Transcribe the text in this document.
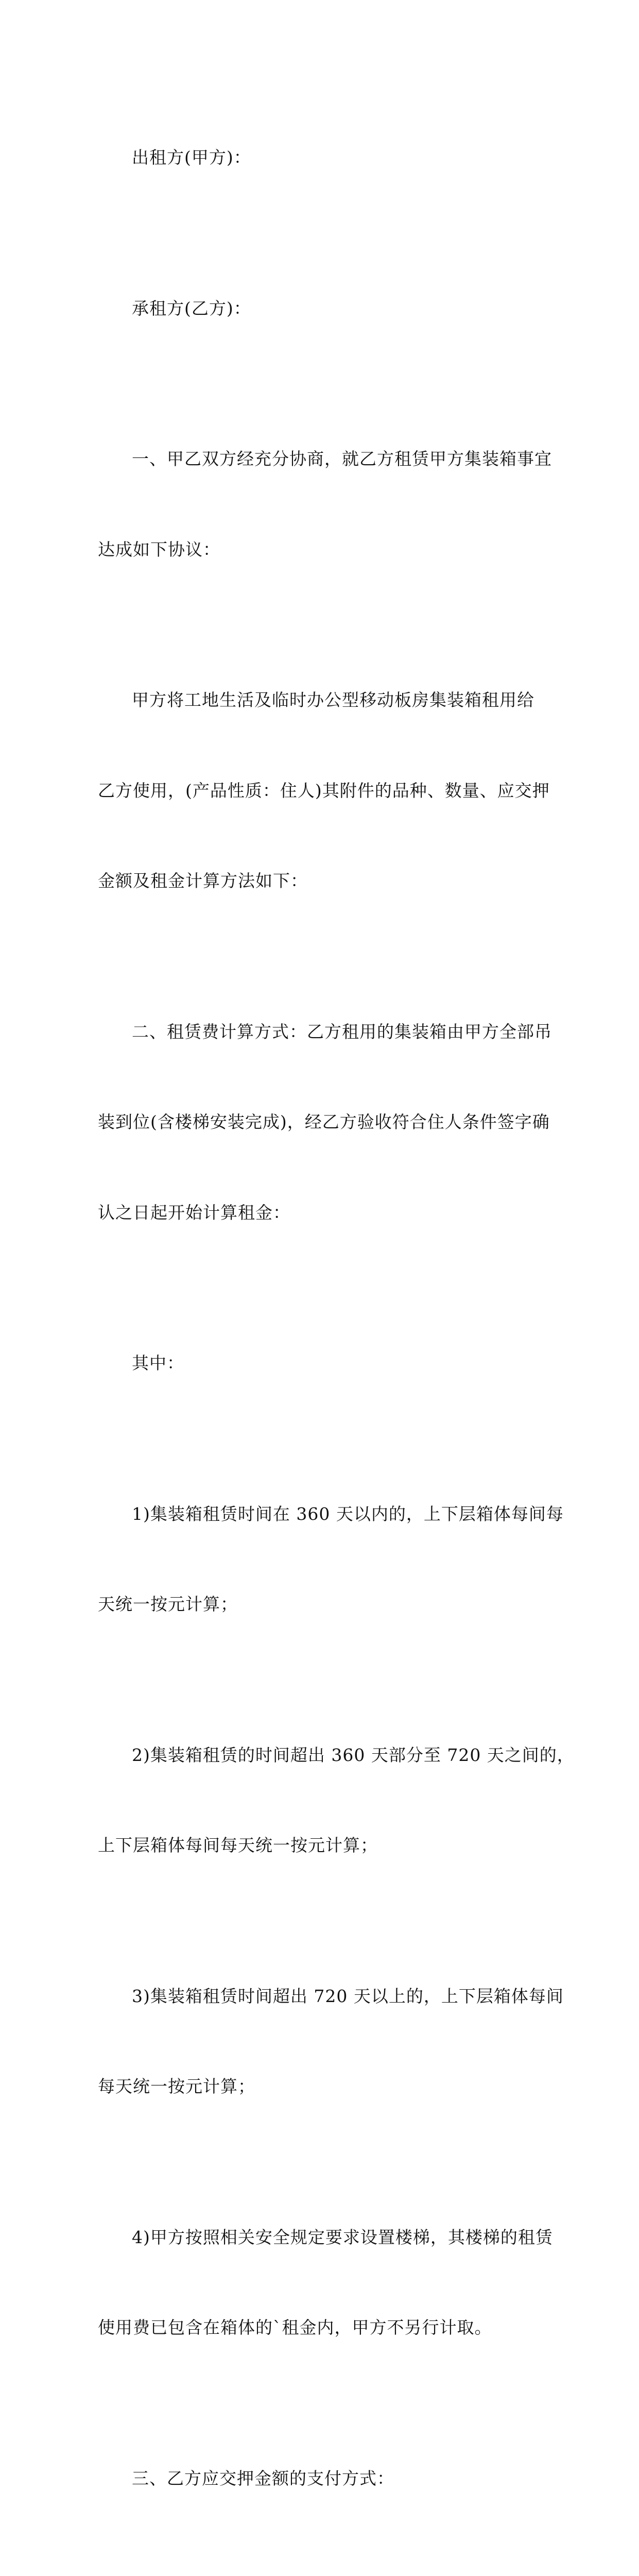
出租方(甲方)：

承租方(乙方)：

一、甲乙双方经充分协商，就乙方租赁甲方集装箱事宜

达成如下协议：

甲方将工地生活及临时办公型移动板房集装箱租用给

乙方使用，(产品性质：住人)其附件的品种、数量、应交押

金额及租金计算方法如下：

二、租赁费计算方式：乙方租用的集装箱由甲方全部吊

装到位(含楼梯安装完成)，经乙方验收符合住人条件签字确

认之日起开始计算租金：

其中：

1)集装箱租赁时间在 360 天以内的，上下层箱体每间每

天统一按元计算；

2)集装箱租赁的时间超出 360 天部分至 720 天之间的，

上下层箱体每间每天统一按元计算；

3)集装箱租赁时间超出 720 天以上的，上下层箱体每间

每天统一按元计算；

4)甲方按照相关安全规定要求设置楼梯，其楼梯的租赁

使用费已包含在箱体的`租金内，甲方不另行计取。

三、乙方应交押金额的支付方式：
